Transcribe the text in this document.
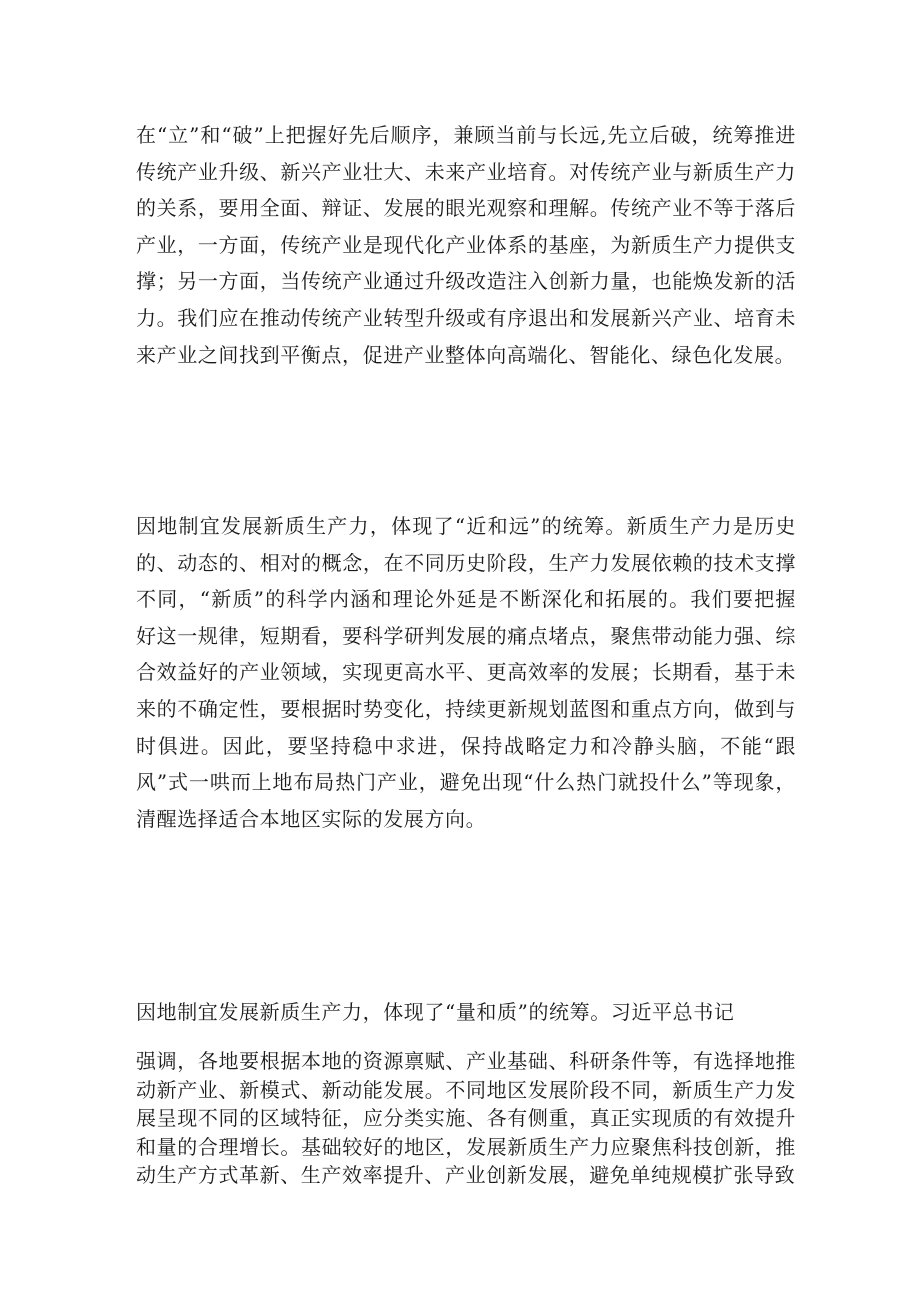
在“立”和“破”上把握好先后顺序，兼顾当前与长远,先立后破，统筹推进传统产业升级、新兴产业壮大、未来产业培育。对传统产业与新质生产力的关系，要用全面、辩证、发展的眼光观察和理解。传统产业不等于落后产业，一方面，传统产业是现代化产业体系的基座，为新质生产力提供支撑；另一方面，当传统产业通过升级改造注入创新力量，也能焕发新的活力。我们应在推动传统产业转型升级或有序退出和发展新兴产业、培育未来产业之间找到平衡点，促进产业整体向高端化、智能化、绿色化发展。

因地制宜发展新质生产力，体现了“近和远”的统筹。新质生产力是历史的、动态的、相对的概念，在不同历史阶段，生产力发展依赖的技术支撑不同，“新质”的科学内涵和理论外延是不断深化和拓展的。我们要把握好这一规律，短期看，要科学研判发展的痛点堵点，聚焦带动能力强、综合效益好的产业领域，实现更高水平、更高效率的发展；长期看，基于未来的不确定性，要根据时势变化，持续更新规划蓝图和重点方向，做到与时俱进。因此，要坚持稳中求进，保持战略定力和冷静头脑，不能“跟风”式一哄而上地布局热门产业，避免出现“什么热门就投什么”等现象，清醒选择适合本地区实际的发展方向。

因地制宜发展新质生产力，体现了“量和质”的统筹。习近平总书记

强调，各地要根据本地的资源禀赋、产业基础、科研条件等，有选择地推动新产业、新模式、新动能发展。不同地区发展阶段不同，新质生产力发展呈现不同的区域特征，应分类实施、各有侧重，真正实现质的有效提升和量的合理增长。基础较好的地区，发展新质生产力应聚焦科技创新，推动生产方式革新、生产效率提升、产业创新发展，避免单纯规模扩张导致
